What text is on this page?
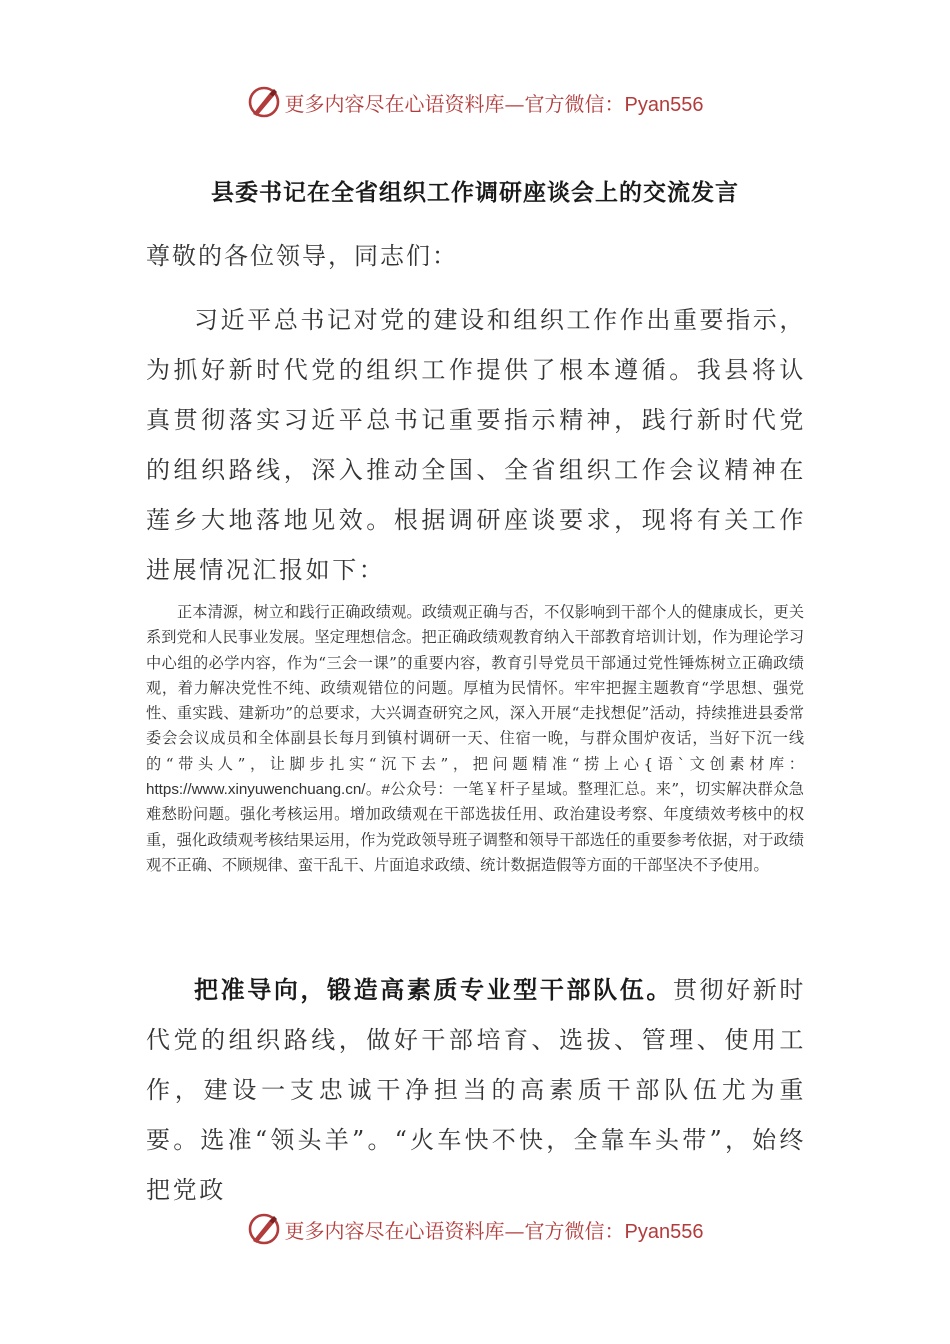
更多内容尽在心语资料库—官方微信：Pyan556
县委书记在全省组织工作调研座谈会上的交流发言
尊敬的各位领导，同志们：

习近平总书记对党的建设和组织工作作出重要指示，为抓好新时代党的组织工作提供了根本遵循。我县将认真贯彻落实习近平总书记重要指示精神，践行新时代党的组织路线，深入推动全国、全省组织工作会议精神在莲乡大地落地见效。根据调研座谈要求，现将有关工作进展情况汇报如下：

正本清源，树立和践行正确政绩观。政绩观正确与否，不仅影响到干部个人的健康成长，更关系到党和人民事业发展。坚定理想信念。把正确政绩观教育纳入干部教育培训计划，作为理论学习中心组的必学内容，作为“三会一课”的重要内容，教育引导党员干部通过党性锤炼树立正确政绩观，着力解决党性不纯、政绩观错位的问题。厚植为民情怀。牢牢把握主题教育“学思想、强党性、重实践、建新功”的总要求，大兴调查研究之风，深入开展“走找想促”活动，持续推进县委常委会会议成员和全体副县长每月到镇村调研一天、住宿一晚，与群众围炉夜话，当好下沉一线的“带头人”，让脚步扎实“沉下去”，把问题精准“捞上心{语`文创素材库：https://www.xinyuwenchuang.cn/。#公众号：一笔￥杆子星域。整理汇总。来”，切实解决群众急难愁盼问题。强化考核运用。增加政绩观在干部选拔任用、政治建设考察、年度绩效考核中的权重，强化政绩观考核结果运用，作为党政领导班子调整和领导干部选任的重要参考依据，对于政绩观不正确、不顾规律、蛮干乱干、片面追求政绩、统计数据造假等方面的干部坚决不予使用。

把准导向，锻造高素质专业型干部队伍。贯彻好新时代党的组织路线，做好干部培育、选拔、管理、使用工作，建设一支忠诚干净担当的高素质干部队伍尤为重要。选准“领头羊”。“火车快不快，全靠车头带”，始终把党政

更多内容尽在心语资料库—官方微信：Pyan556
